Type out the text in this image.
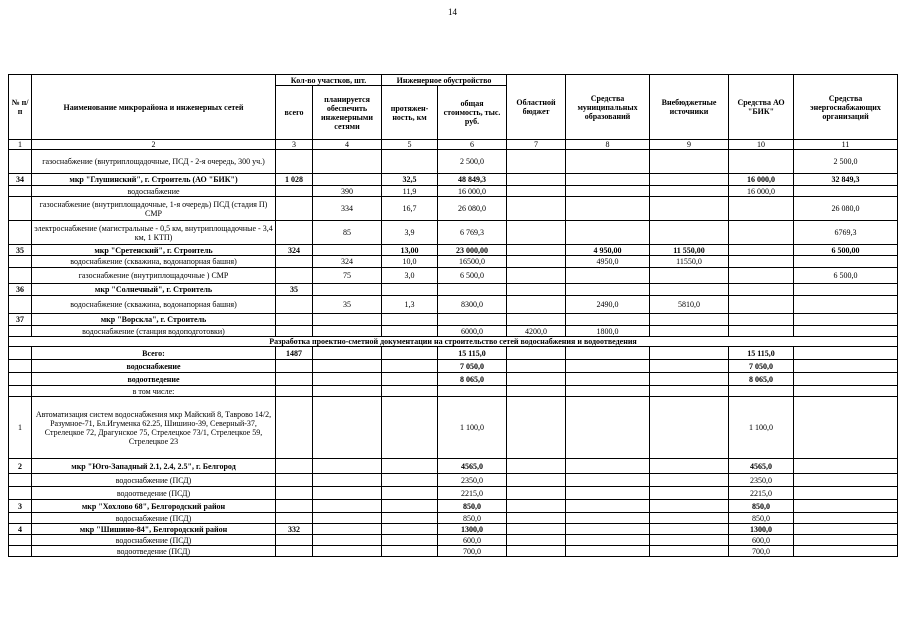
14
№ п/п	Наименование микрорайона и инженерных сетей	Кол-во участков, шт.		Инженерное обустройство		Областной бюджет	Средства муниципальных образований	Внебюджетные источники	Средства АО "БИК"	Средства энергоснабжающих организаций
		всего	планируется обеспечить инженерными сетями	протяжен-ность, км	общая стоимость, тыс. руб.					
1	2	3	4	5	6	7	8	9	10	11
	газоснабжение (внутриплощадочные, ПСД - 2-я очередь, 300 уч.)				2 500,0					2 500,0
34	мкр "Глушинский", г. Строитель (АО "БИК")	1 028		32,5	48 849,3				16 000,0	32 849,3
	водоснабжение		390	11,9	16 000,0				16 000,0	
	газоснабжение (внутриплощадочные, 1-я очередь) ПСД (стадия П) СМР		334	16,7	26 080,0					26 080,0
	электроснабжение (магистральные - 0,5 км, внутриплощадочные - 3,4 км, 1 КТП)		85	3,9	6 769,3					6769,3
35	мкр "Сретенский", г. Строитель	324		13,00	23 000,00		4 950,00	11 550,00		6 500,00
	водоснабжение (скважина, водонапорная башня)		324	10,0	16500,0		4950,0	11550,0		
	газоснабжение (внутриплощадочные ) СМР		75	3,0	6 500,0					6 500,0
36	мкр "Солнечный", г. Строитель	35								
	водоснабжение (скважина, водонапорная башня)		35	1,3	8300,0		2490,0	5810,0		
37	мкр "Ворскла", г. Строитель									
	водоснабжение (станция водоподготовки)				6000,0	4200,0	1800,0			
Разработка проектно-сметной документации на строительство сетей водоснабжения и водоотведения										
	Всего:	1487			15 115,0				15 115,0	
	водоснабжение				7 050,0				7 050,0	
	водоотведение				8 065,0				8 065,0	
	в том числе:									
1	Автоматизация систем водоснабжения мкр Майский 8, Таврово 14/2, Разумное-71, Бл.Игуменка 62.25, Шишино-39, Северный-37, Стрелецкое 72, Драгунское 75, Стрелецкое 73/1, Стрелецкое 59, Стрелецкое 23				1 100,0				1 100,0	
2	мкр "Юго-Западный 2.1, 2.4, 2.5", г. Белгород				4565,0				4565,0	
	водоснабжение (ПСД)				2350,0				2350,0	
	водоотведение (ПСД)				2215,0				2215,0	
3	мкр "Хохлово 68", Белгородский район				850,0				850,0	
	водоснабжение (ПСД)				850,0				850,0	
4	мкр "Шишино-84", Белгородский район	332			1300,0				1300,0	
	водоснабжение (ПСД)				600,0				600,0	
	водоотведение (ПСД)				700,0				700,0	
